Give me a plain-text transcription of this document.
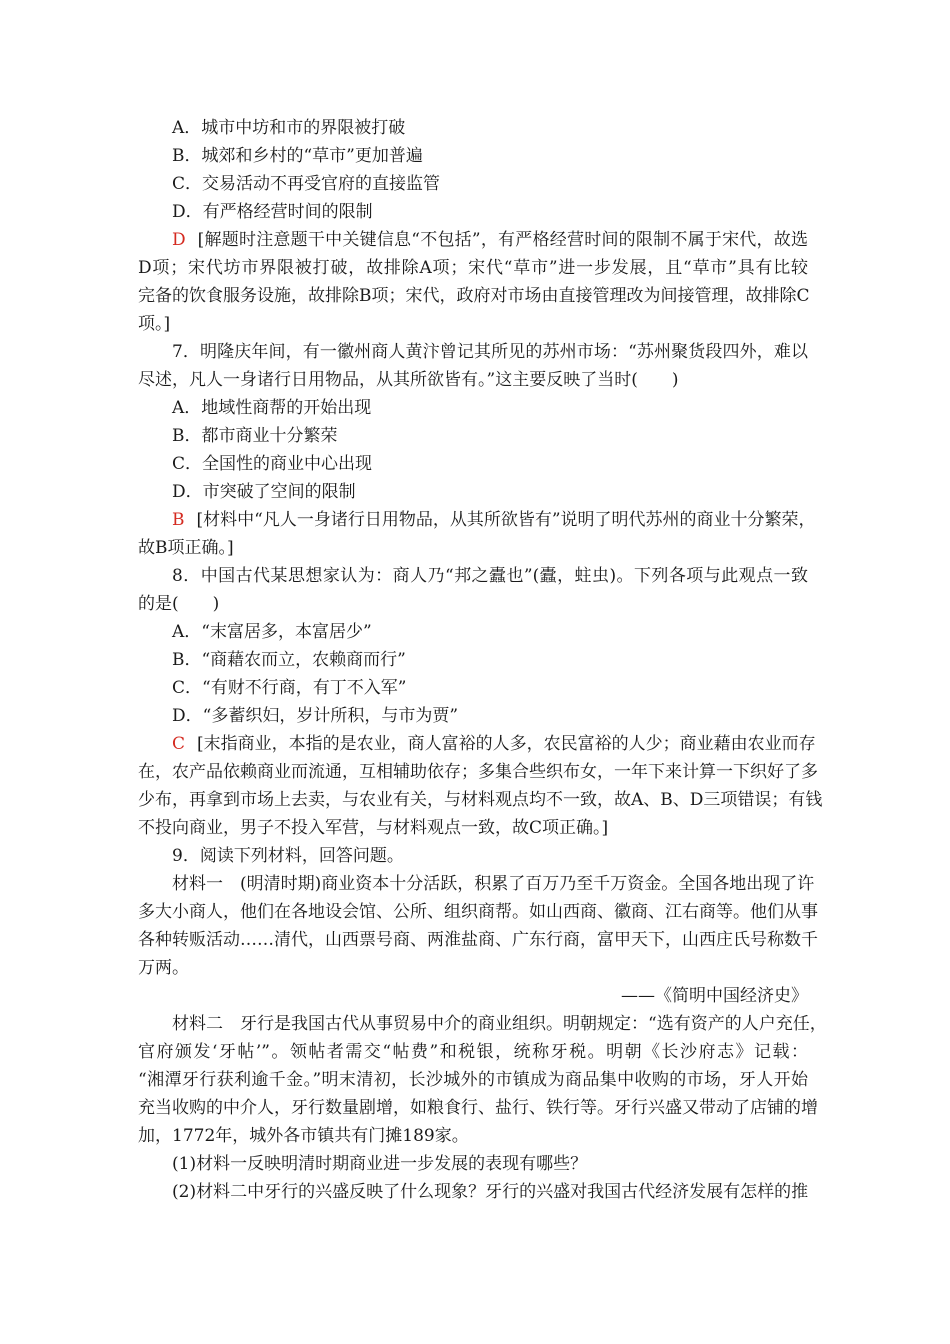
A．城市中坊和市的界限被打破
B．城郊和乡村的“草市”更加普遍
C．交易活动不再受官府的直接监管
D．有严格经营时间的限制
D [解题时注意题干中关键信息“不包括”，有严格经营时间的限制不属于宋代，故选
D项；宋代坊市界限被打破，故排除A项；宋代“草市”进一步发展，且“草市”具有比较
完备的饮食服务设施，故排除B项；宋代，政府对市场由直接管理改为间接管理，故排除C
项。]
7．明隆庆年间，有一徽州商人黄汴曾记其所见的苏州市场：“苏州聚货段四外，难以
尽述，凡人一身诸行日用物品，从其所欲皆有。”这主要反映了当时(　　)
A．地域性商帮的开始出现
B．都市商业十分繁荣
C．全国性的商业中心出现
D．市突破了空间的限制
B [材料中“凡人一身诸行日用物品，从其所欲皆有”说明了明代苏州的商业十分繁荣，
故B项正确。]
8．中国古代某思想家认为：商人乃“邦之蠹也”(蠹，蛀虫)。下列各项与此观点一致
的是(　　)
A．“末富居多，本富居少”
B．“商藉农而立，农赖商而行”
C．“有财不行商，有丁不入军”
D．“多蓄织妇，岁计所积，与市为贾”
C [末指商业，本指的是农业，商人富裕的人多，农民富裕的人少；商业藉由农业而存
在，农产品依赖商业而流通，互相辅助依存；多集合些织布女，一年下来计算一下织好了多
少布，再拿到市场上去卖，与农业有关，与材料观点均不一致，故A、B、D三项错误；有钱
不投向商业，男子不投入军营，与材料观点一致，故C项正确。]
9．阅读下列材料，回答问题。
材料一　(明清时期)商业资本十分活跃，积累了百万乃至千万资金。全国各地出现了许
多大小商人，他们在各地设会馆、公所、组织商帮。如山西商、徽商、江右商等。他们从事
各种转贩活动……清代，山西票号商、两淮盐商、广东行商，富甲天下，山西庄氏号称数千
万两。
——《简明中国经济史》
材料二　牙行是我国古代从事贸易中介的商业组织。明朝规定：“选有资产的人户充任，
官府颁发‘牙帖’”。领帖者需交“帖费”和税银，统称牙税。明朝《长沙府志》记载：
“湘潭牙行获利逾千金。”明末清初，长沙城外的市镇成为商品集中收购的市场，牙人开始
充当收购的中介人，牙行数量剧增，如粮食行、盐行、铁行等。牙行兴盛又带动了店铺的增
加，1772年，城外各市镇共有门摊189家。
(1)材料一反映明清时期商业进一步发展的表现有哪些？
(2)材料二中牙行的兴盛反映了什么现象？牙行的兴盛对我国古代经济发展有怎样的推
